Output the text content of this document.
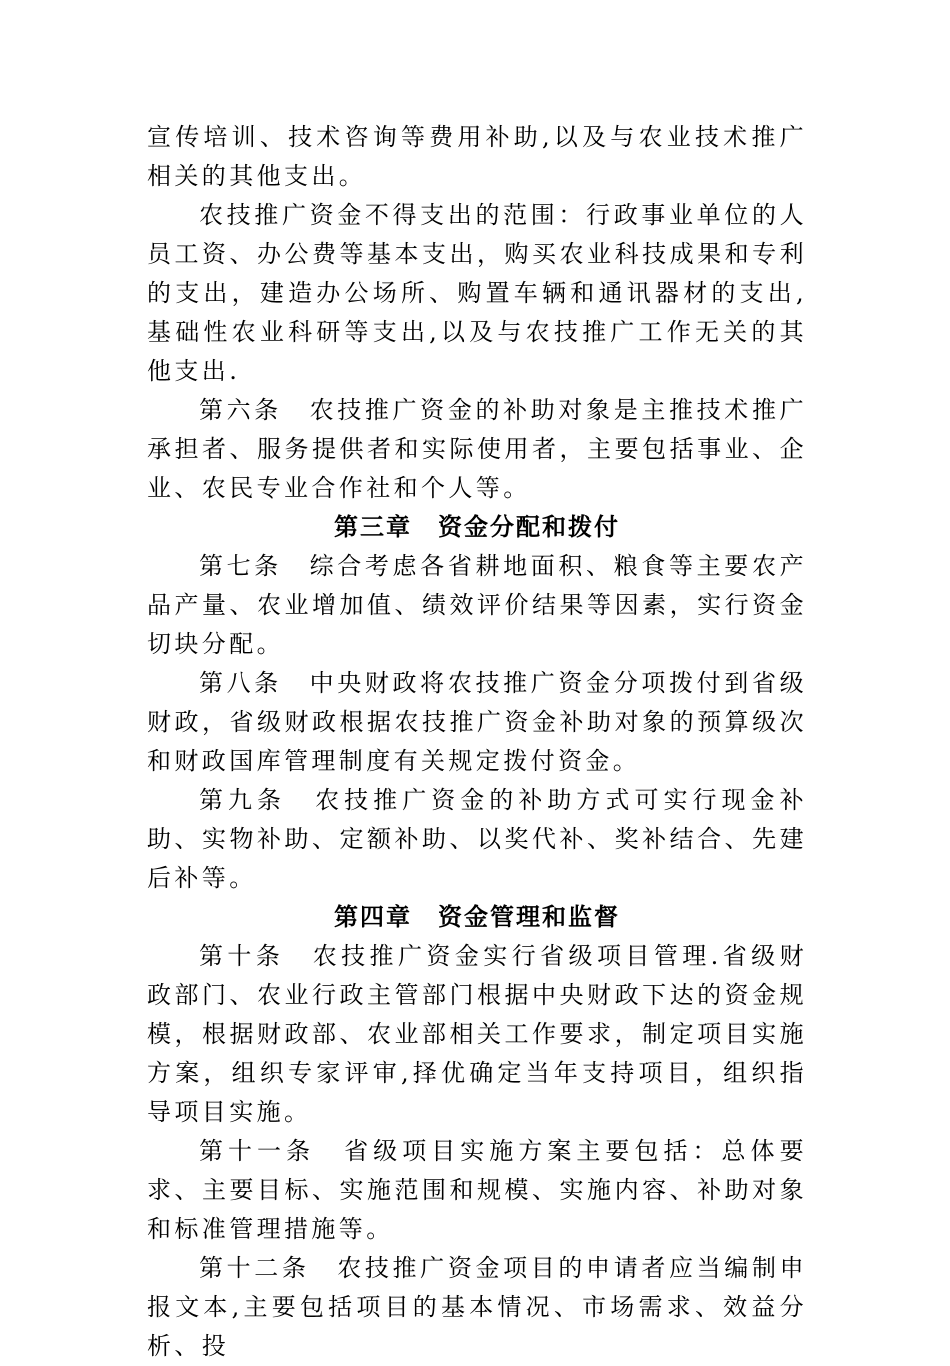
宣传培训、技术咨询等费用补助,以及与农业技术推广相关的其他支出。

农技推广资金不得支出的范围：行政事业单位的人员工资、办公费等基本支出，购买农业科技成果和专利的支出，建造办公场所、购置车辆和通讯器材的支出,基础性农业科研等支出,以及与农技推广工作无关的其他支出.

第六条　农技推广资金的补助对象是主推技术推广承担者、服务提供者和实际使用者，主要包括事业、企业、农民专业合作社和个人等。

第三章　资金分配和拨付

第七条　综合考虑各省耕地面积、粮食等主要农产品产量、农业增加值、绩效评价结果等因素，实行资金切块分配。

第八条　中央财政将农技推广资金分项拨付到省级财政，省级财政根据农技推广资金补助对象的预算级次和财政国库管理制度有关规定拨付资金。

第九条　农技推广资金的补助方式可实行现金补助、实物补助、定额补助、以奖代补、奖补结合、先建后补等。

第四章　资金管理和监督

第十条　农技推广资金实行省级项目管理.省级财政部门、农业行政主管部门根据中央财政下达的资金规模，根据财政部、农业部相关工作要求，制定项目实施方案，组织专家评审,择优确定当年支持项目，组织指导项目实施。

第十一条　省级项目实施方案主要包括：总体要求、主要目标、实施范围和规模、实施内容、补助对象和标准管理措施等。

第十二条　农技推广资金项目的申请者应当编制申报文本,主要包括项目的基本情况、市场需求、效益分析、投
